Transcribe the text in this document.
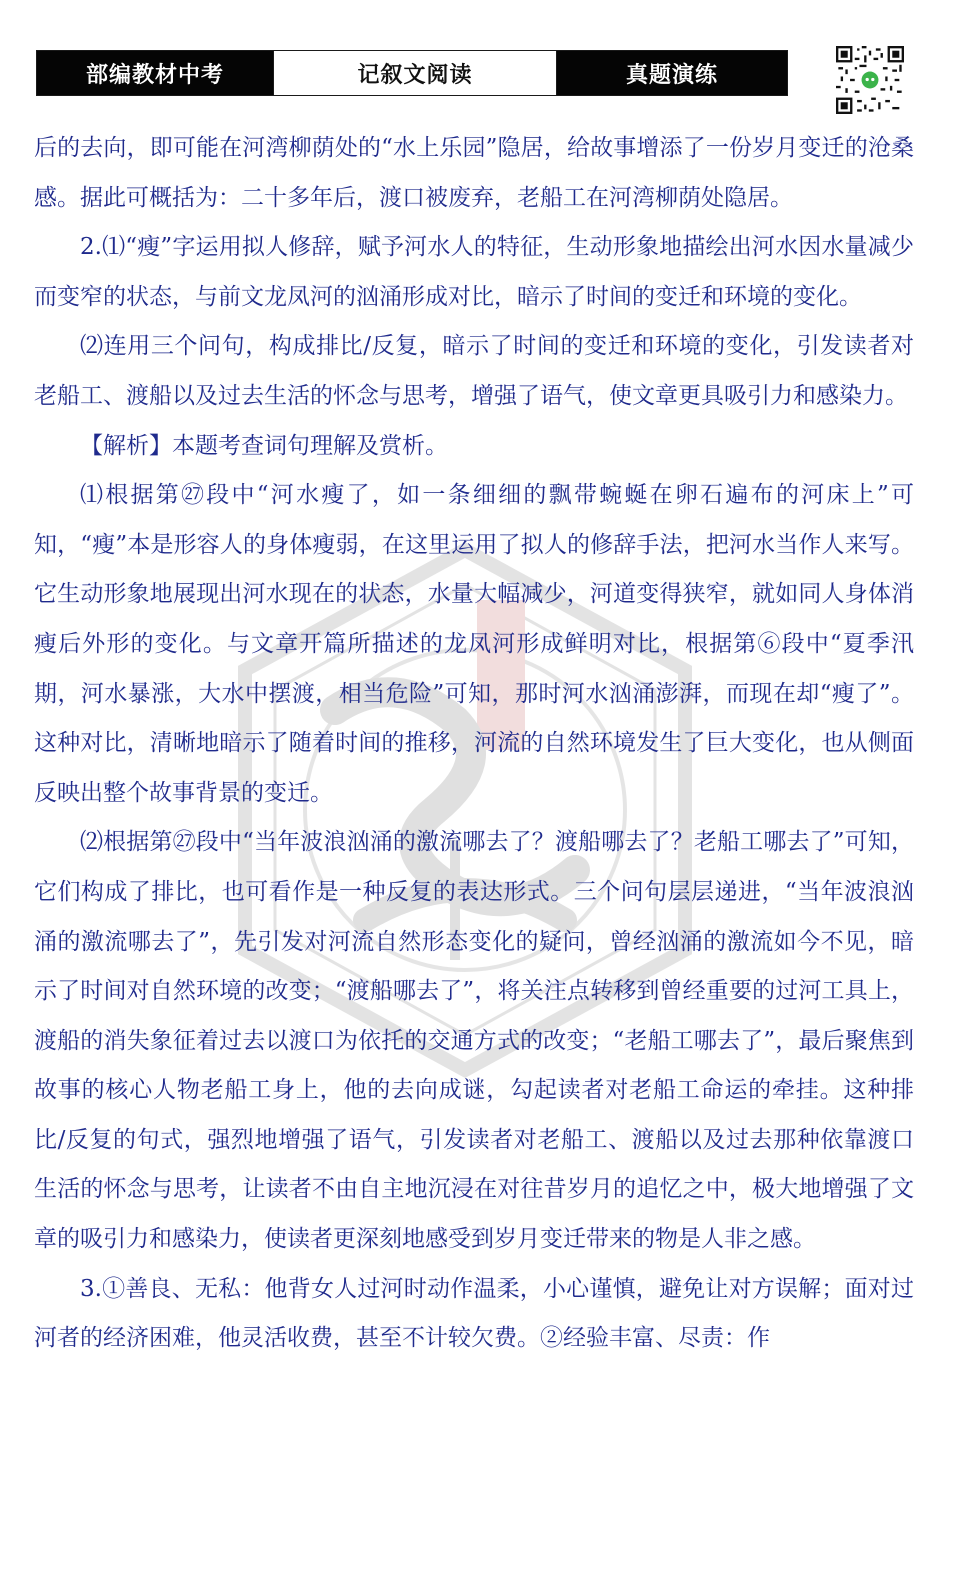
部编教材中考	记叙文阅读	真题演练

后的去向，即可能在河湾柳荫处的“水上乐园”隐居，给故事增添了一份岁月变迁的沧桑感。据此可概括为：二十多年后，渡口被废弃，老船工在河湾柳荫处隐居。

2.⑴“瘦”字运用拟人修辞，赋予河水人的特征，生动形象地描绘出河水因水量减少而变窄的状态，与前文龙凤河的汹涌形成对比，暗示了时间的变迁和环境的变化。

⑵连用三个问句，构成排比/反复，暗示了时间的变迁和环境的变化，引发读者对老船工、渡船以及过去生活的怀念与思考，增强了语气，使文章更具吸引力和感染力。

【解析】本题考查词句理解及赏析。

⑴根据第㉗段中“河水瘦了，如一条细细的飘带蜿蜒在卵石遍布的河床上”可知，“瘦”本是形容人的身体瘦弱，在这里运用了拟人的修辞手法，把河水当作人来写。它生动形象地展现出河水现在的状态，水量大幅减少，河道变得狭窄，就如同人身体消瘦后外形的变化。与文章开篇所描述的龙凤河形成鲜明对比，根据第⑥段中“夏季汛期，河水暴涨，大水中摆渡，相当危险”可知，那时河水汹涌澎湃，而现在却“瘦了”。这种对比，清晰地暗示了随着时间的推移，河流的自然环境发生了巨大变化，也从侧面反映出整个故事背景的变迁。

⑵根据第㉗段中“当年波浪汹涌的激流哪去了？渡船哪去了？老船工哪去了”可知，它们构成了排比，也可看作是一种反复的表达形式。三个问句层层递进，“当年波浪汹涌的激流哪去了”，先引发对河流自然形态变化的疑问，曾经汹涌的激流如今不见，暗示了时间对自然环境的改变；“渡船哪去了”，将关注点转移到曾经重要的过河工具上，渡船的消失象征着过去以渡口为依托的交通方式的改变；“老船工哪去了”，最后聚焦到故事的核心人物老船工身上，他的去向成谜，勾起读者对老船工命运的牵挂。这种排比/反复的句式，强烈地增强了语气，引发读者对老船工、渡船以及过去那种依靠渡口生活的怀念与思考，让读者不由自主地沉浸在对往昔岁月的追忆之中，极大地增强了文章的吸引力和感染力，使读者更深刻地感受到岁月变迁带来的物是人非之感。

3.①善良、无私：他背女人过河时动作温柔，小心谨慎，避免让对方误解；面对过河者的经济困难，他灵活收费，甚至不计较欠费。②经验丰富、尽责：作
